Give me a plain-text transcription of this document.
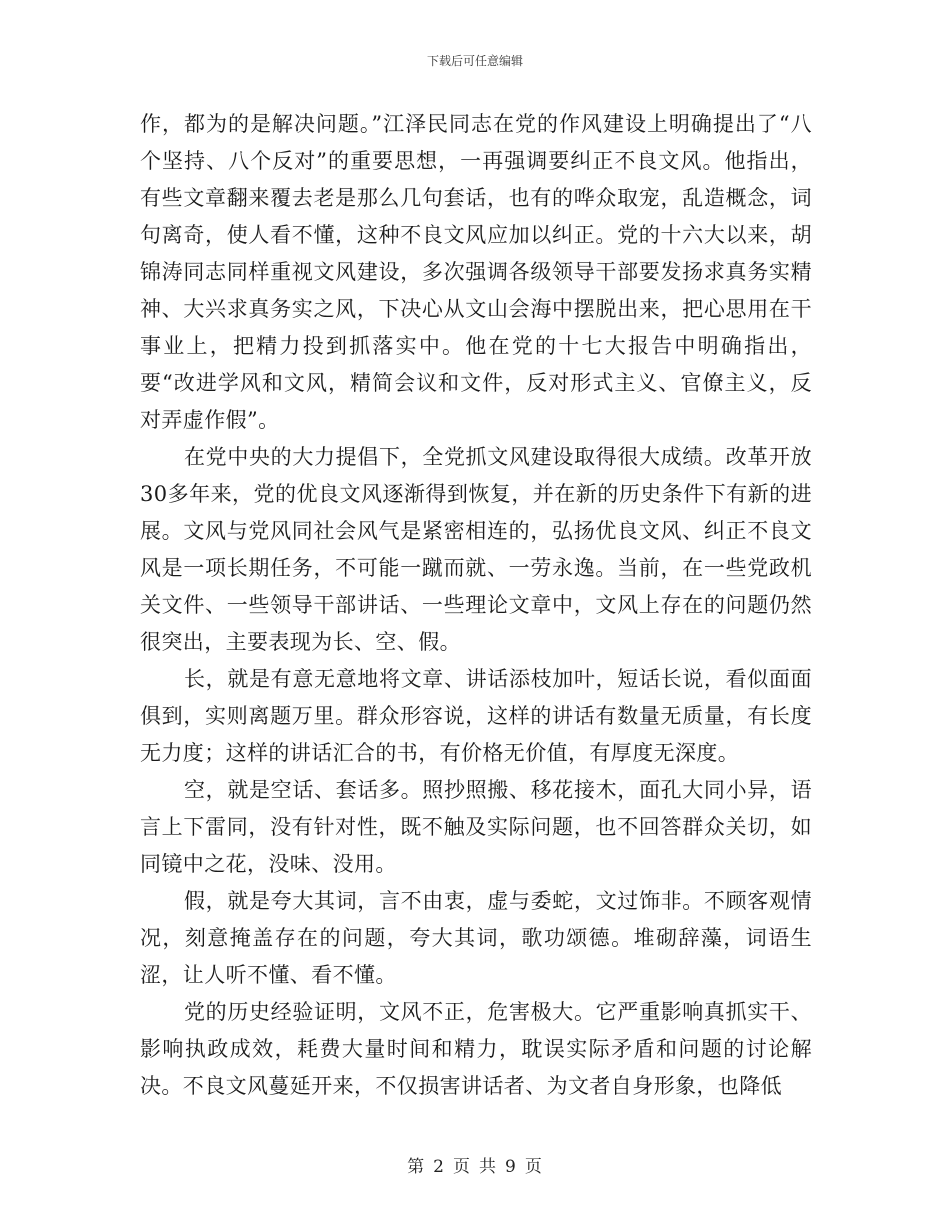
下载后可任意编辑

作，都为的是解决问题。”江泽民同志在党的作风建设上明确提出了“八个坚持、八个反对”的重要思想，一再强调要纠正不良文风。他指出，有些文章翻来覆去老是那么几句套话，也有的哗众取宠，乱造概念，词句离奇，使人看不懂，这种不良文风应加以纠正。党的十六大以来，胡锦涛同志同样重视文风建设，多次强调各级领导干部要发扬求真务实精神、大兴求真务实之风，下决心从文山会海中摆脱出来，把心思用在干事业上，把精力投到抓落实中。他在党的十七大报告中明确指出，要“改进学风和文风，精简会议和文件，反对形式主义、官僚主义，反对弄虚作假”。

在党中央的大力提倡下，全党抓文风建设取得很大成绩。改革开放30多年来，党的优良文风逐渐得到恢复，并在新的历史条件下有新的进展。文风与党风同社会风气是紧密相连的，弘扬优良文风、纠正不良文风是一项长期任务，不可能一蹴而就、一劳永逸。当前，在一些党政机关文件、一些领导干部讲话、一些理论文章中，文风上存在的问题仍然很突出，主要表现为长、空、假。

长，就是有意无意地将文章、讲话添枝加叶，短话长说，看似面面俱到，实则离题万里。群众形容说，这样的讲话有数量无质量，有长度无力度；这样的讲话汇合的书，有价格无价值，有厚度无深度。

空，就是空话、套话多。照抄照搬、移花接木，面孔大同小异，语言上下雷同，没有针对性，既不触及实际问题，也不回答群众关切，如同镜中之花，没味、没用。

假，就是夸大其词，言不由衷，虚与委蛇，文过饰非。不顾客观情况，刻意掩盖存在的问题，夸大其词，歌功颂德。堆砌辞藻，词语生涩，让人听不懂、看不懂。

党的历史经验证明，文风不正，危害极大。它严重影响真抓实干、影响执政成效，耗费大量时间和精力，耽误实际矛盾和问题的讨论解决。不良文风蔓延开来，不仅损害讲话者、为文者自身形象，也降低

第 2 页 共 9 页
